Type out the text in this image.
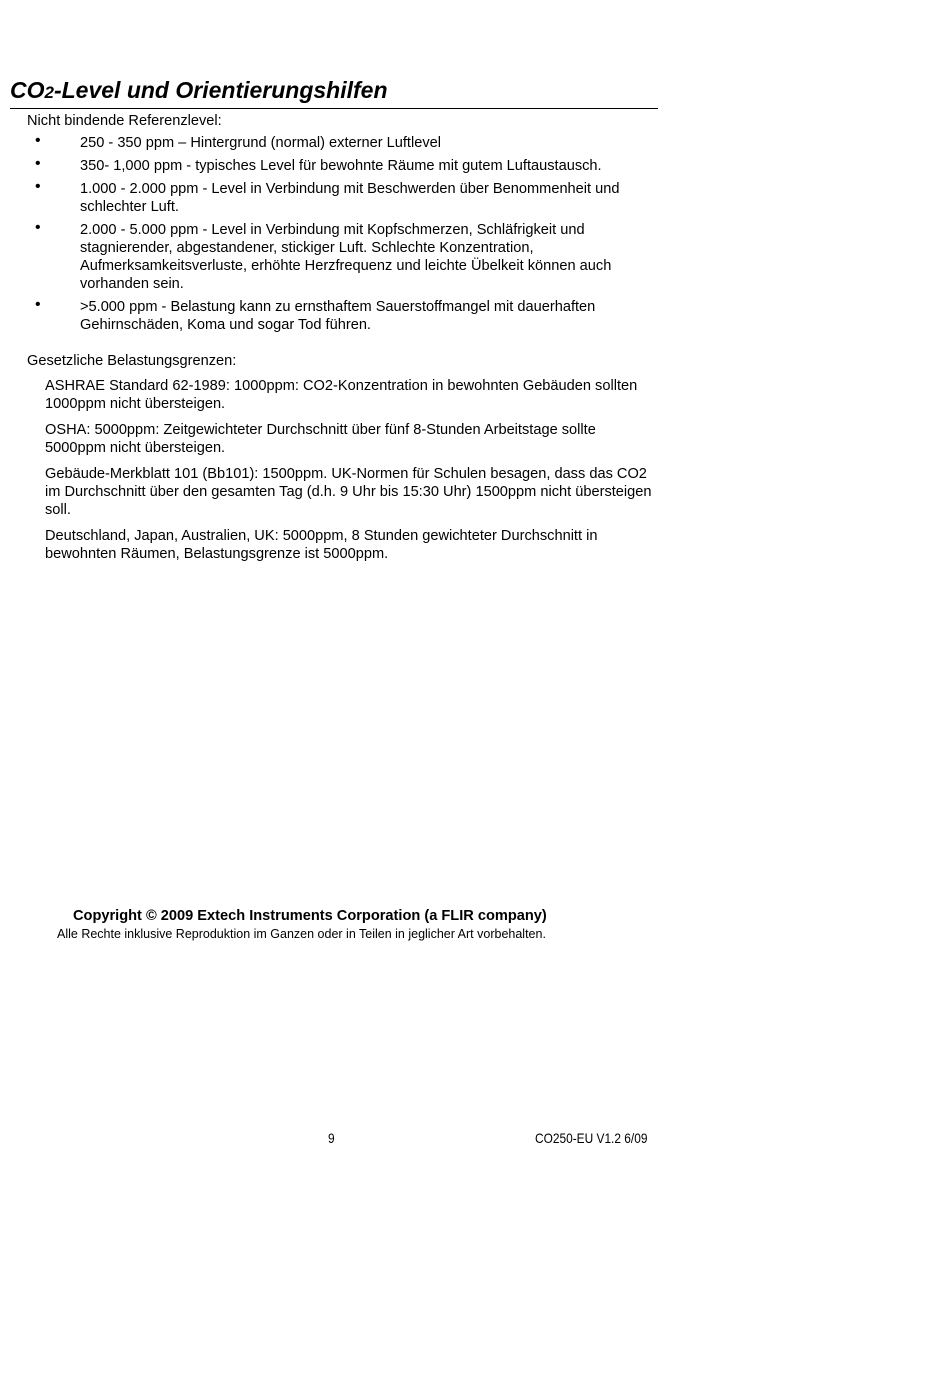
CO2-Level und Orientierungshilfen
Nicht bindende Referenzlevel:
•	250 - 350 ppm – Hintergrund (normal) externer Luftlevel
•	350- 1,000 ppm - typisches Level für bewohnte Räume mit gutem Luftaustausch.
•	1.000 - 2.000 ppm - Level in Verbindung mit Beschwerden über Benommenheit und schlechter Luft.
•	2.000 - 5.000 ppm - Level in Verbindung mit Kopfschmerzen, Schläfrigkeit und stagnierender, abgestandener, stickiger Luft. Schlechte Konzentration, Aufmerksamkeitsverluste, erhöhte Herzfrequenz und leichte Übelkeit können auch vorhanden sein.
•	>5.000 ppm - Belastung kann zu ernsthaftem Sauerstoffmangel mit dauerhaften Gehirnschäden, Koma und sogar Tod führen.
Gesetzliche Belastungsgrenzen:

ASHRAE Standard 62-1989: 1000ppm: CO2-Konzentration in bewohnten Gebäuden sollten 1000ppm nicht übersteigen.

OSHA: 5000ppm: Zeitgewichteter Durchschnitt über fünf 8-Stunden Arbeitstage sollte 5000ppm nicht übersteigen.

Gebäude-Merkblatt 101 (Bb101): 1500ppm. UK-Normen für Schulen besagen, dass das CO2 im Durchschnitt über den gesamten Tag (d.h. 9 Uhr bis 15:30 Uhr) 1500ppm nicht übersteigen soll.

Deutschland, Japan, Australien, UK: 5000ppm, 8 Stunden gewichteter Durchschnitt in bewohnten Räumen, Belastungsgrenze ist 5000ppm.

Copyright © 2009 Extech Instruments Corporation (a FLIR company)
Alle Rechte inklusive Reproduktion im Ganzen oder in Teilen in jeglicher Art vorbehalten.
9	CO250-EU V1.2 6/09
